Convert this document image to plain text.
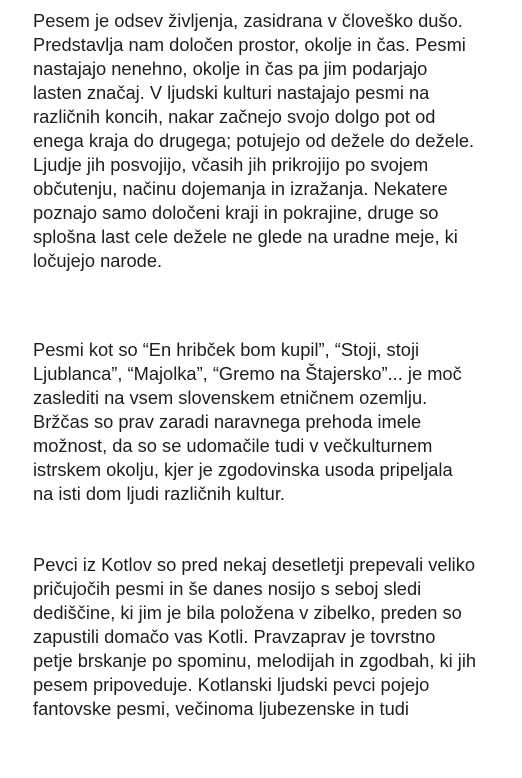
Pesem je odsev življenja, zasidrana v človeško dušo.
Predstavlja nam določen prostor, okolje in čas. Pesmi
nastajajo nenehno, okolje in čas pa jim podarjajo
lasten značaj. V ljudski kulturi nastajajo pesmi na
različnih koncih, nakar začnejo svojo dolgo pot od
enega kraja do drugega; potujejo od dežele do dežele.
Ljudje jih posvojijo, včasih jih prikrojijo po svojem
občutenju, načinu dojemanja in izražanja. Nekatere
poznajo samo določeni kraji in pokrajine, druge so
splošna last cele dežele ne glede na uradne meje, ki
ločujejo narode.

Pesmi kot so “En hribček bom kupil”, “Stoji, stoji
Ljublanca”, “Majolka”, “Gremo na Štajersko”... je moč
zaslediti na vsem slovenskem etničnem ozemlju.
Bržčas so prav zaradi naravnega prehoda imele
možnost, da so se udomačile tudi v večkulturnem
istrskem okolju, kjer je zgodovinska usoda pripeljala
na isti dom ljudi različnih kultur.

Pevci iz Kotlov so pred nekaj desetletji prepevali veliko
pričujočih pesmi in še danes nosijo s seboj sledi
dediščine, ki jim je bila položena v zibelko, preden so
zapustili domačo vas Kotli. Pravzaprav je tovrstno
petje brskanje po spominu, melodijah in zgodbah, ki jih
pesem pripoveduje. Kotlanski ljudski pevci pojejo
fantovske pesmi, večinoma ljubezenske in tudi
